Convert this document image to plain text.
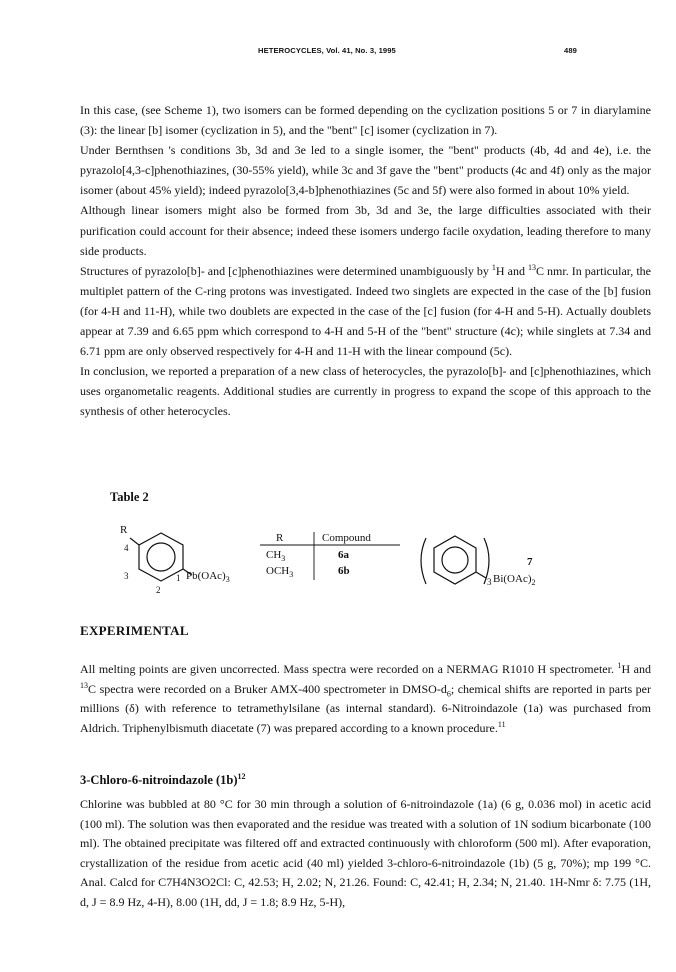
HETEROCYCLES, Vol. 41, No. 3, 1995	489

In this case, (see Scheme 1), two isomers can be formed depending on the cyclization positions 5 or 7 in diarylamine (3): the linear [b] isomer (cyclization in 5), and the "bent" [c] isomer (cyclization in 7).

Under Bernthsen 's conditions 3b, 3d and 3e led to a single isomer, the "bent" products (4b, 4d and 4e), i.e. the pyrazolo[4,3-c]phenothiazines, (30-55% yield), while 3c and 3f gave the "bent" products (4c and 4f) only as the major isomer (about 45% yield); indeed pyrazolo[3,4-b]phenothiazines (5c and 5f) were also formed in about 10% yield.

Although linear isomers might also be formed from 3b, 3d and 3e, the large difficulties associated with their purification could account for their absence; indeed these isomers undergo facile oxydation, leading therefore to many side products.

Structures of pyrazolo[b]- and [c]phenothiazines were determined unambiguously by $^1$H and $^{13}$C nmr. In particular, the multiplet pattern of the C-ring protons was investigated. Indeed two singlets are expected in the case of the [b] fusion (for 4-H and 11-H), while two doublets are expected in the case of the [c] fusion (for 4-H and 5-H). Actually doublets appear at 7.39 and 6.65 ppm which correspond to 4-H and 5-H of the "bent" structure (4c); while singlets at 7.34 and 6.71 ppm are only observed respectively for 4-H and 11-H with the linear compound (5c).

In conclusion, we reported a preparation of a new class of heterocycles, the pyrazolo[b]- and [c]phenothiazines, which uses organometalic reagents. Additional studies are currently in progress to expand the scope of this approach to the synthesis of other heterocycles.

Table 2
R
4
3
2
1 $Pb(OAc)_3$
R	Compound
$CH_3$	6a
$OCH_3$	6b
7
3 $Bi(OAc)_2$
EXPERIMENTAL

All melting points are given uncorrected. Mass spectra were recorded on a NERMAG R1010 H spectrometer. $^1$H and $^{13}$C spectra were recorded on a Bruker AMX-400 spectrometer in DMSO-$d_6$; chemical shifts are reported in parts per millions (δ) with reference to tetramethylsilane (as internal standard). 6-Nitroindazole (1a) was purchased from Aldrich. Triphenylbismuth diacetate (7) was prepared according to a known procedure.$^{11}$

3-Chloro-6-nitroindazole $(1b)^{12}$

Chlorine was bubbled at 80 °C for 30 min through a solution of 6-nitroindazole (1a) (6 g, 0.036 mol) in acetic acid (100 ml). The solution was then evaporated and the residue was treated with a solution of 1N sodium bicarbonate (100 ml). The obtained precipitate was filtered off and extracted continuously with chloroform (500 ml). After evaporation, crystallization of the residue from acetic acid (40 ml) yielded 3-chloro-6-nitroindazole (1b) (5 g, 70%); mp 199 °C. Anal. Calcd for C7H4N3O2Cl: C, 42.53; H, 2.02; N, 21.26. Found: C, 42.41; H, 2.34; N, 21.40. 1H-Nmr δ: 7.75 (1H, d, J = 8.9 Hz, 4-H), 8.00 (1H, dd, J = 1.8; 8.9 Hz, 5-H),
